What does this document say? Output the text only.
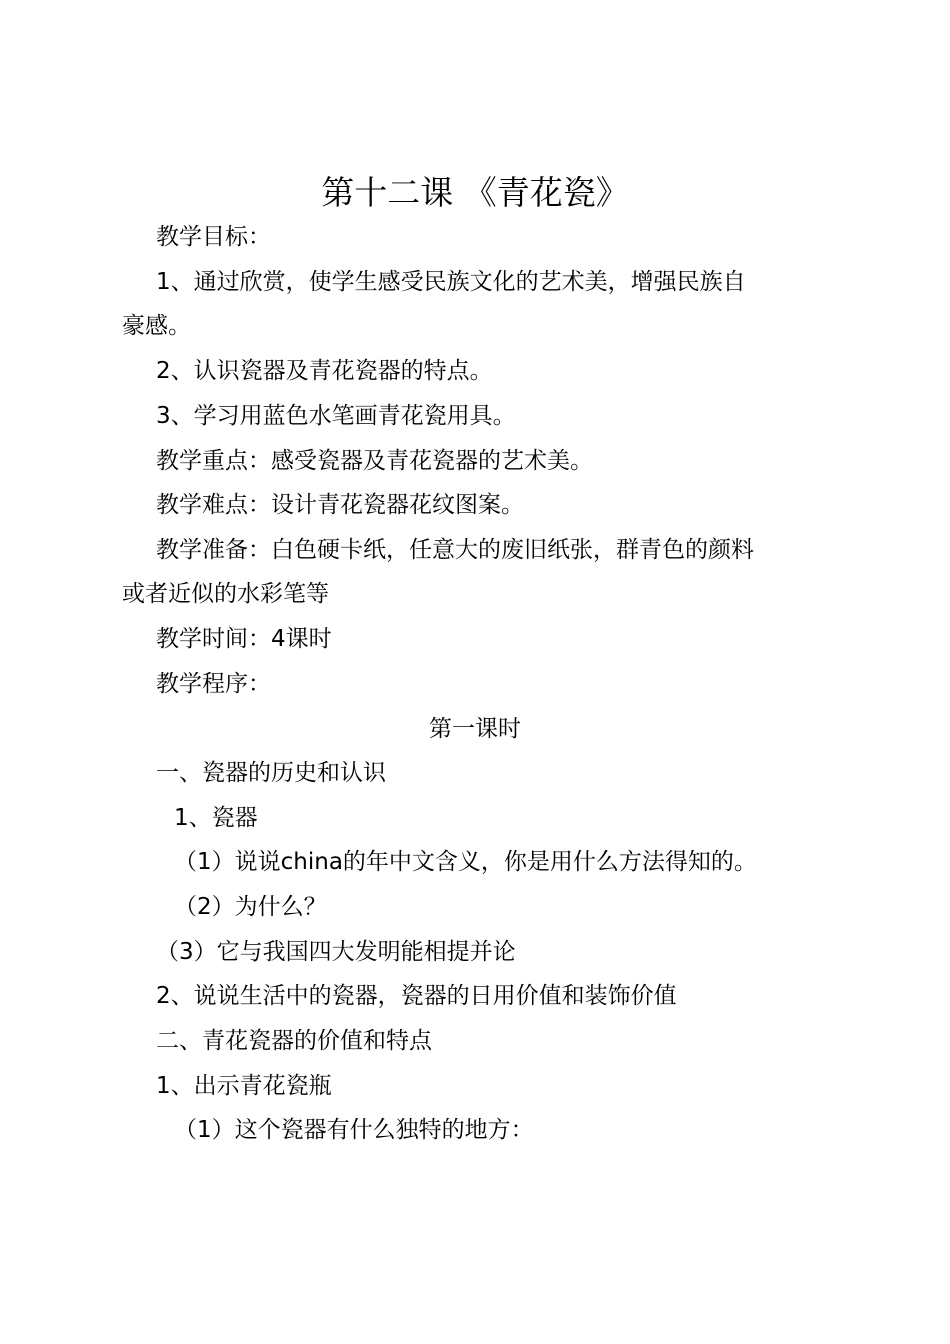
第十二课 《青花瓷》
教学目标：
1、通过欣赏，使学生感受民族文化的艺术美，增强民族自
豪感。
2、认识瓷器及青花瓷器的特点。
3、学习用蓝色水笔画青花瓷用具。
教学重点：感受瓷器及青花瓷器的艺术美。
教学难点：设计青花瓷器花纹图案。
教学准备：白色硬卡纸，任意大的废旧纸张，群青色的颜料
或者近似的水彩笔等
教学时间：4课时
教学程序：
第一课时
一、瓷器的历史和认识
1、瓷器
（1）说说china的年中文含义，你是用什么方法得知的。
（2）为什么？
（3）它与我国四大发明能相提并论
2、说说生活中的瓷器，瓷器的日用价值和装饰价值
二、青花瓷器的价值和特点
1、出示青花瓷瓶
（1）这个瓷器有什么独特的地方：
